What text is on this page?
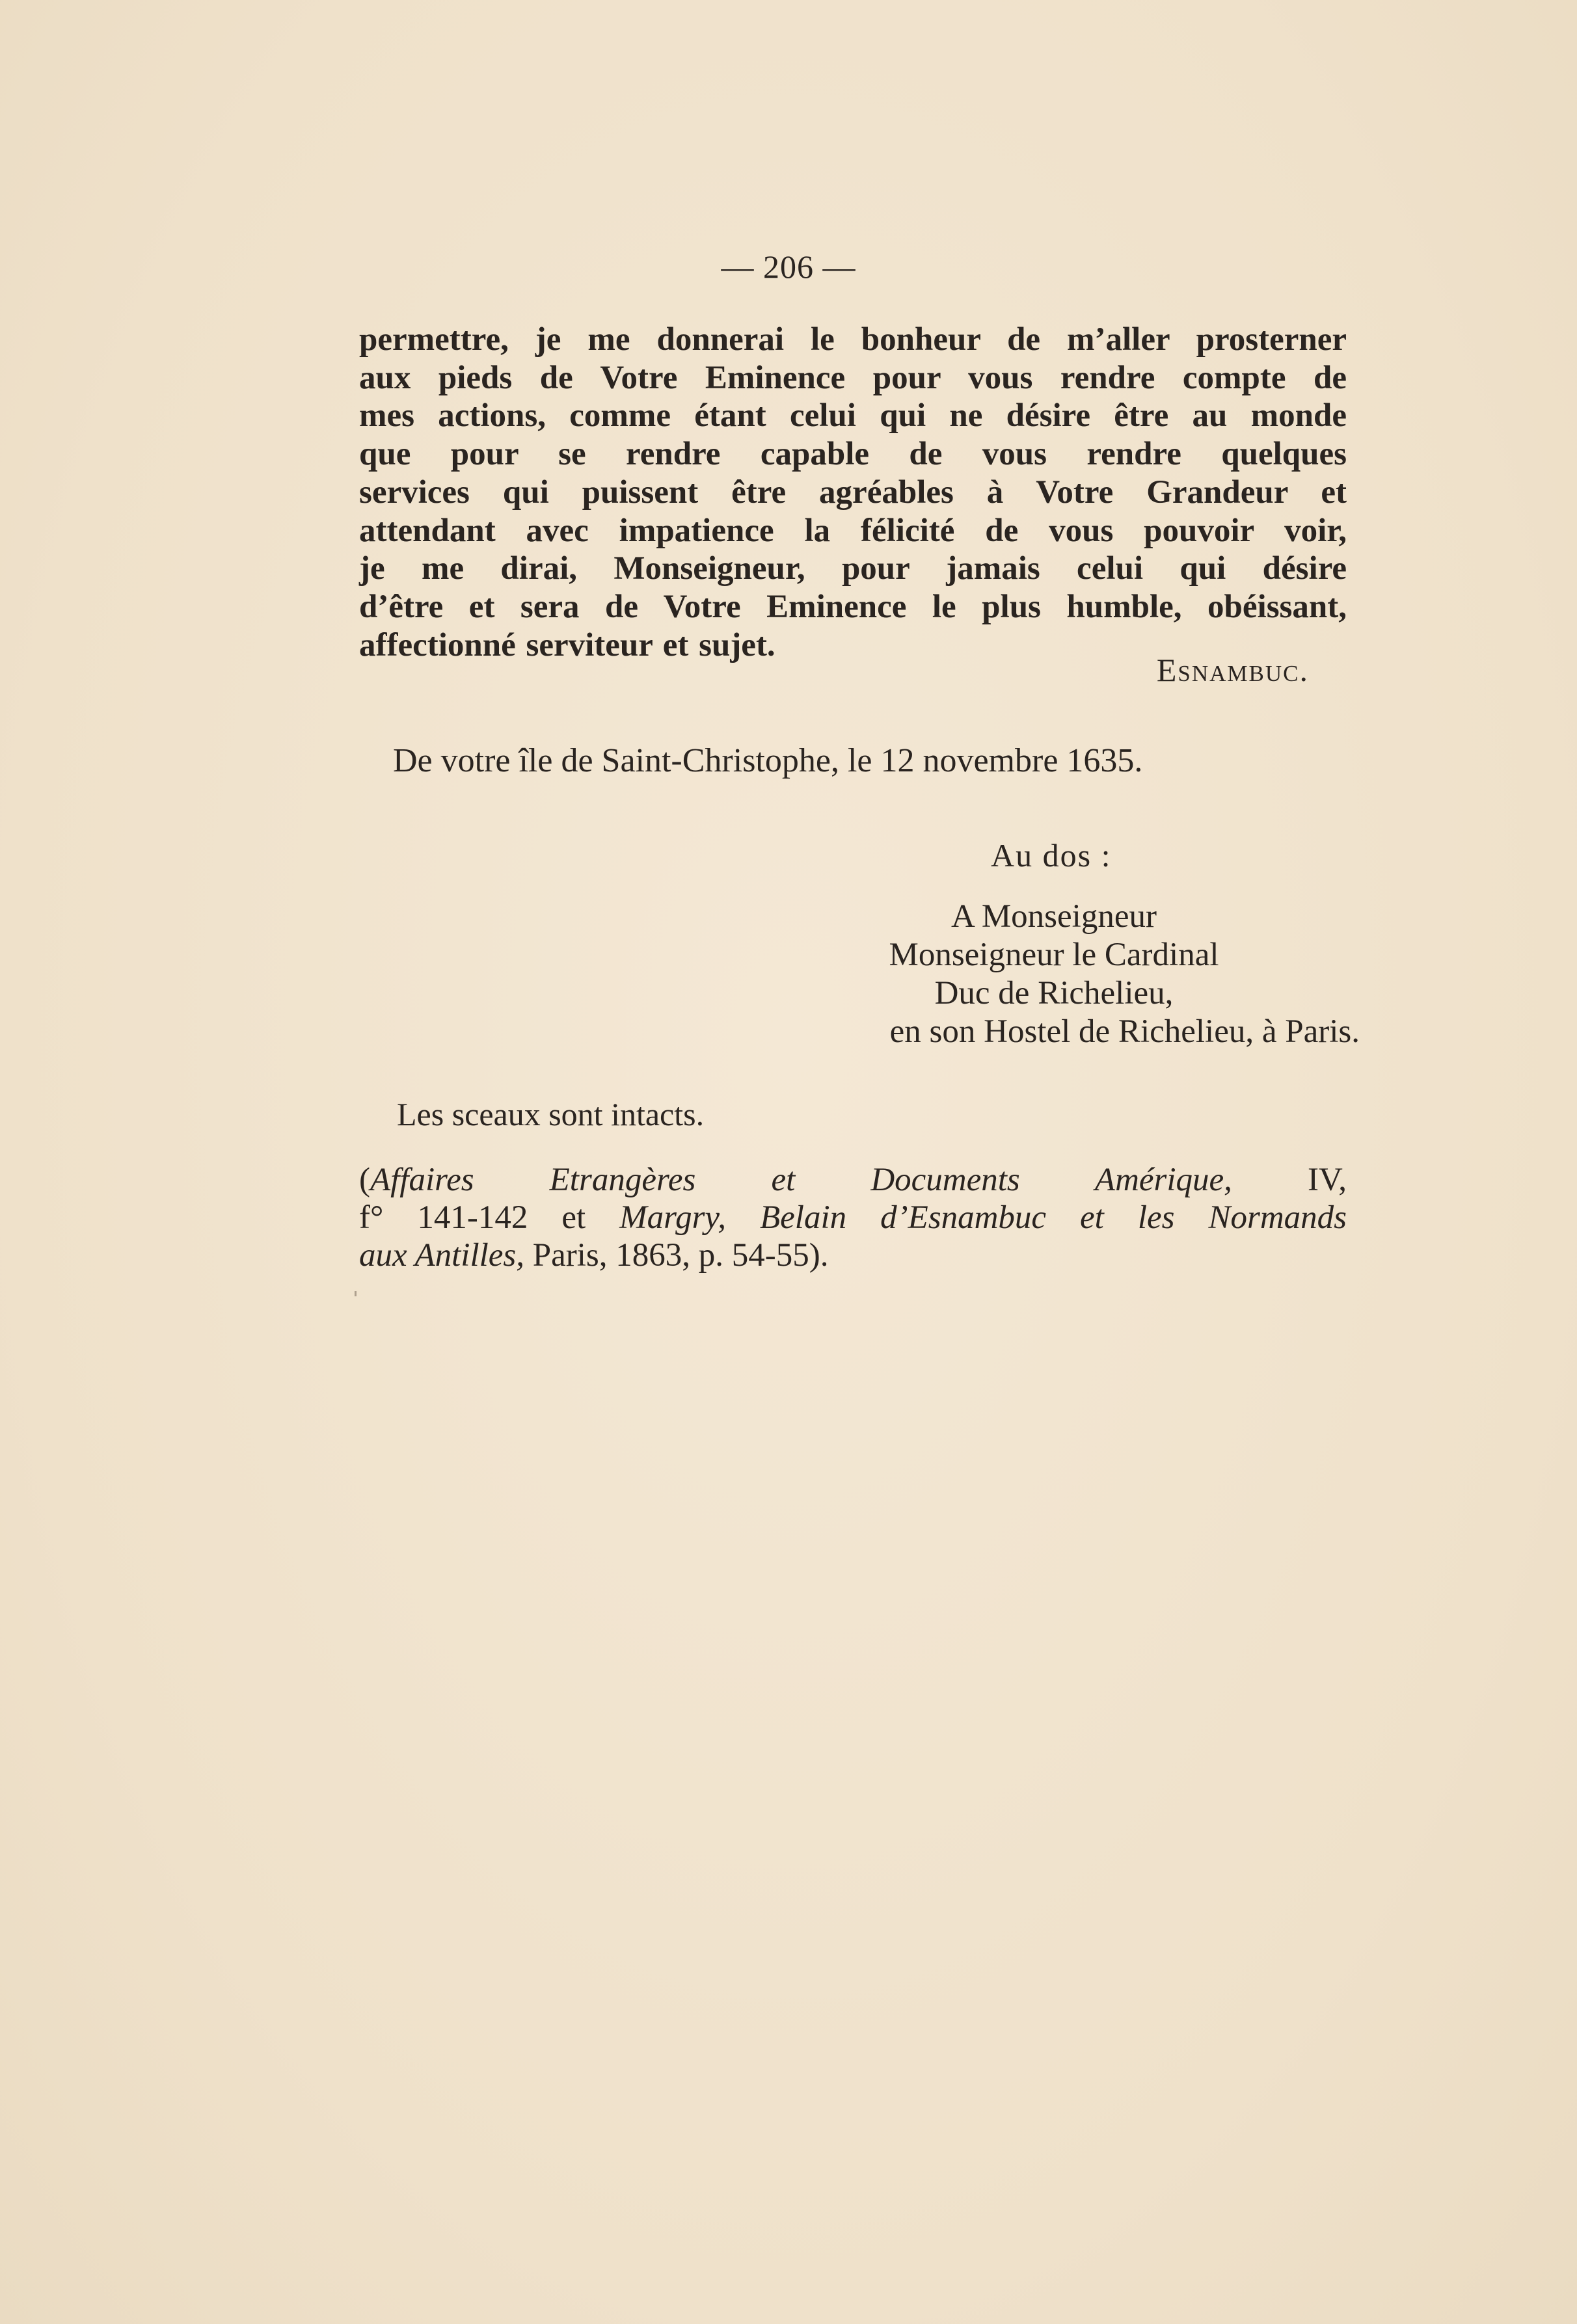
— 206 —
permettre, je me donnerai le bonheur de m’aller prosterner
aux pieds de Votre Eminence pour vous rendre compte de
mes actions, comme étant celui qui ne désire être au monde
que pour se rendre capable de vous rendre quelques
services qui puissent être agréables à Votre Grandeur et
attendant avec impatience la félicité de vous pouvoir voir,
je me dirai, Monseigneur, pour jamais celui qui désire
d’être et sera de Votre Eminence le plus humble, obéissant,
affectionné serviteur et sujet.
Esnambuc.
De votre île de Saint-Christophe, le 12 novembre 1635.
Au dos :
A Monseigneur
Monseigneur le Cardinal
Duc de Richelieu,
en son Hostel de Richelieu, à Paris.
Les sceaux sont intacts.
(Affaires Etrangères et Documents Amérique, IV,
f° 141-142 et Margry, Belain d’Esnambuc et les Normands
aux Antilles, Paris, 1863, p. 54-55).
